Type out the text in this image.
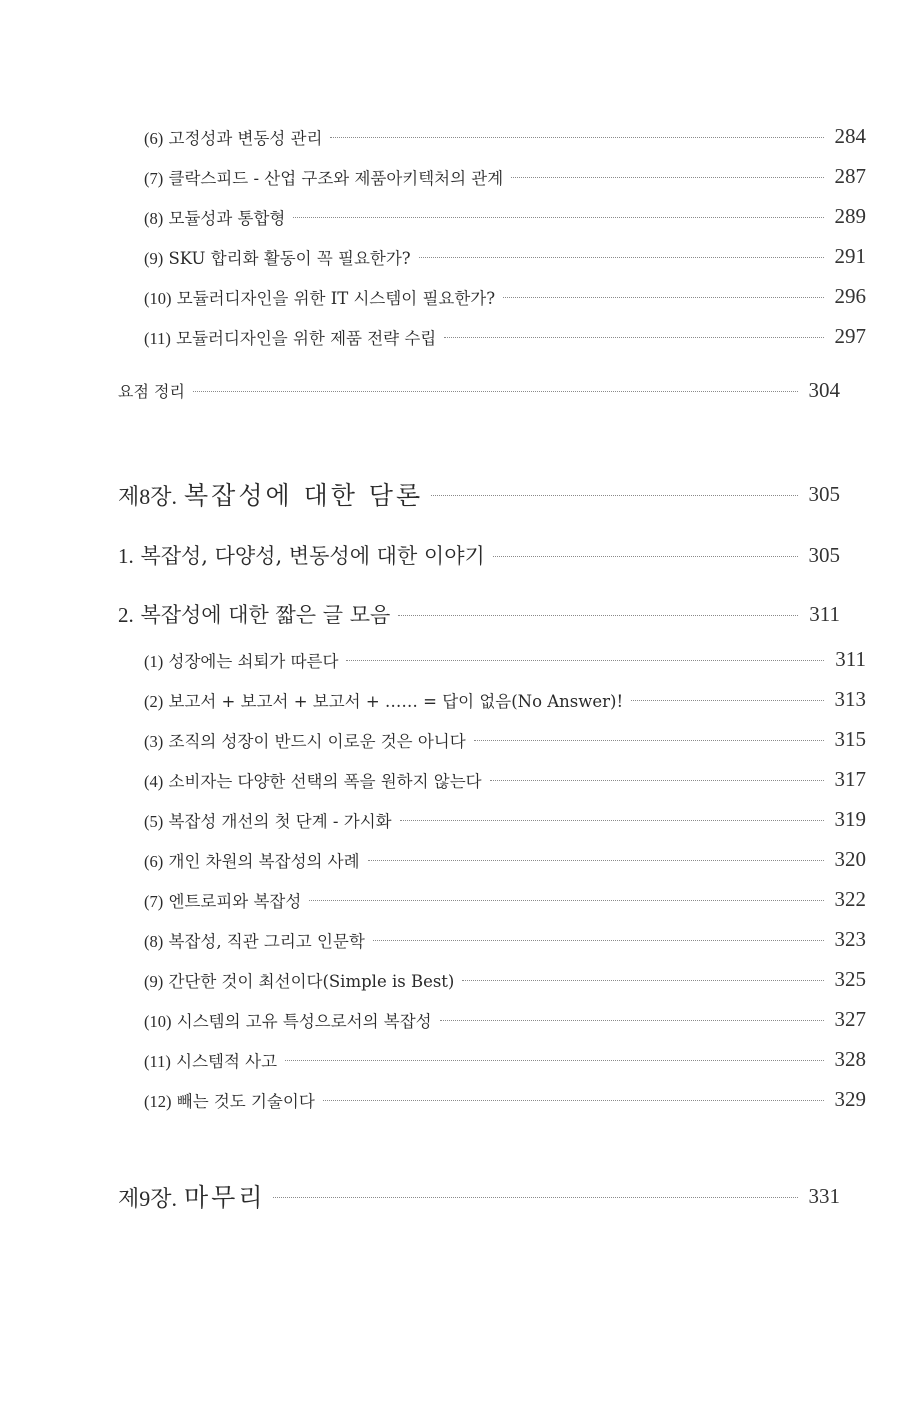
(6) 고정성과 변동성 관리	284
(7) 클락스피드 - 산업 구조와 제품아키텍처의 관계	287
(8) 모듈성과 통합형	289
(9) SKU 합리화 활동이 꼭 필요한가?	291
(10) 모듈러디자인을 위한 IT 시스템이 필요한가?	296
(11) 모듈러디자인을 위한 제품 전략 수립	297
요점 정리	304
제8장. 복잡성에 대한 담론	305
1. 복잡성, 다양성, 변동성에 대한 이야기	305
2. 복잡성에 대한 짧은 글 모음	311
(1) 성장에는 쇠퇴가 따른다	311
(2) 보고서 + 보고서 + 보고서 + …… = 답이 없음(No Answer)!	313
(3) 조직의 성장이 반드시 이로운 것은 아니다	315
(4) 소비자는 다양한 선택의 폭을 원하지 않는다	317
(5) 복잡성 개선의 첫 단계 - 가시화	319
(6) 개인 차원의 복잡성의 사례	320
(7) 엔트로피와 복잡성	322
(8) 복잡성, 직관 그리고 인문학	323
(9) 간단한 것이 최선이다(Simple is Best)	325
(10) 시스템의 고유 특성으로서의 복잡성	327
(11) 시스템적 사고	328
(12) 빼는 것도 기술이다	329
제9장. 마무리	331
